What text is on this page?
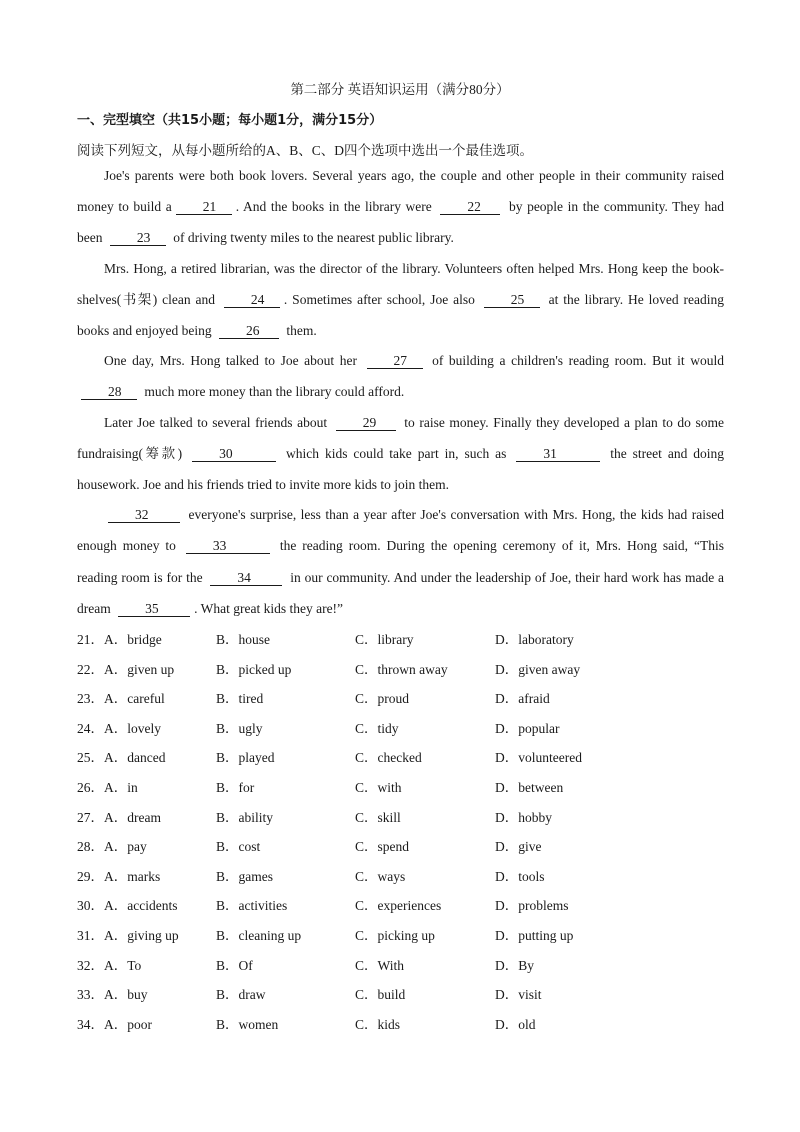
第二部分 英语知识运用（满分80分）
一、完型填空（共15小题；每小题1分，满分15分）
阅读下列短文，从每小题所给的A、B、C、D四个选项中选出一个最佳选项。

Joe's parents were both book lovers. Several years ago, the couple and other people in their community raised money to build a 21 . And the books in the library were	22 by people in the community. They had been	23 of driving twenty miles to the nearest public library.

Mrs. Hong, a retired librarian, was the director of the library. Volunteers often helped Mrs. Hong keep the book-shelves(书架) clean and	24 . Sometimes after school, Joe also	25 at the library. He loved reading books and enjoyed being	26 them.

One day, Mrs. Hong talked to Joe about her	27 of building a children's reading room. But it would 28 much more money than the library could afford.

Later Joe talked to several friends about	29 to raise money. Finally they developed a plan to do some fundraising(筹款)	30	which kids could take part in, such as	31	the street and doing housework. Joe and his friends tried to invite more kids to join them.

32	everyone's surprise, less than a year after Joe's conversation with Mrs. Hong, the kids had raised enough money to	33	the reading room. During the opening ceremony of it, Mrs. Hong said, “This reading room is for the	34	in our community. And under the leadership of Joe, their hard work has made a dream	35	. What great kids they are!”

21．A．bridge	B．house	C．library	D．laboratory
22．A．given up	B．picked up	C．thrown away	D．given away
23．A．careful	B．tired	C．proud	D．afraid
24．A．lovely	B．ugly	C．tidy	D．popular
25．A．danced	B．played	C．checked	D．volunteered
26．A．in	B．for	C．with	D．between
27．A．dream	B．ability	C．skill	D．hobby
28．A．pay	B．cost	C．spend	D．give
29．A．marks	B．games	C．ways	D．tools
30．A．accidents	B．activities	C．experiences	D．problems
31．A．giving up	B．cleaning up	C．picking up	D．putting up
32．A．To	B．Of	C．With	D．By
33．A．buy	B．draw	C．build	D．visit
34．A．poor	B．women	C．kids	D．old
